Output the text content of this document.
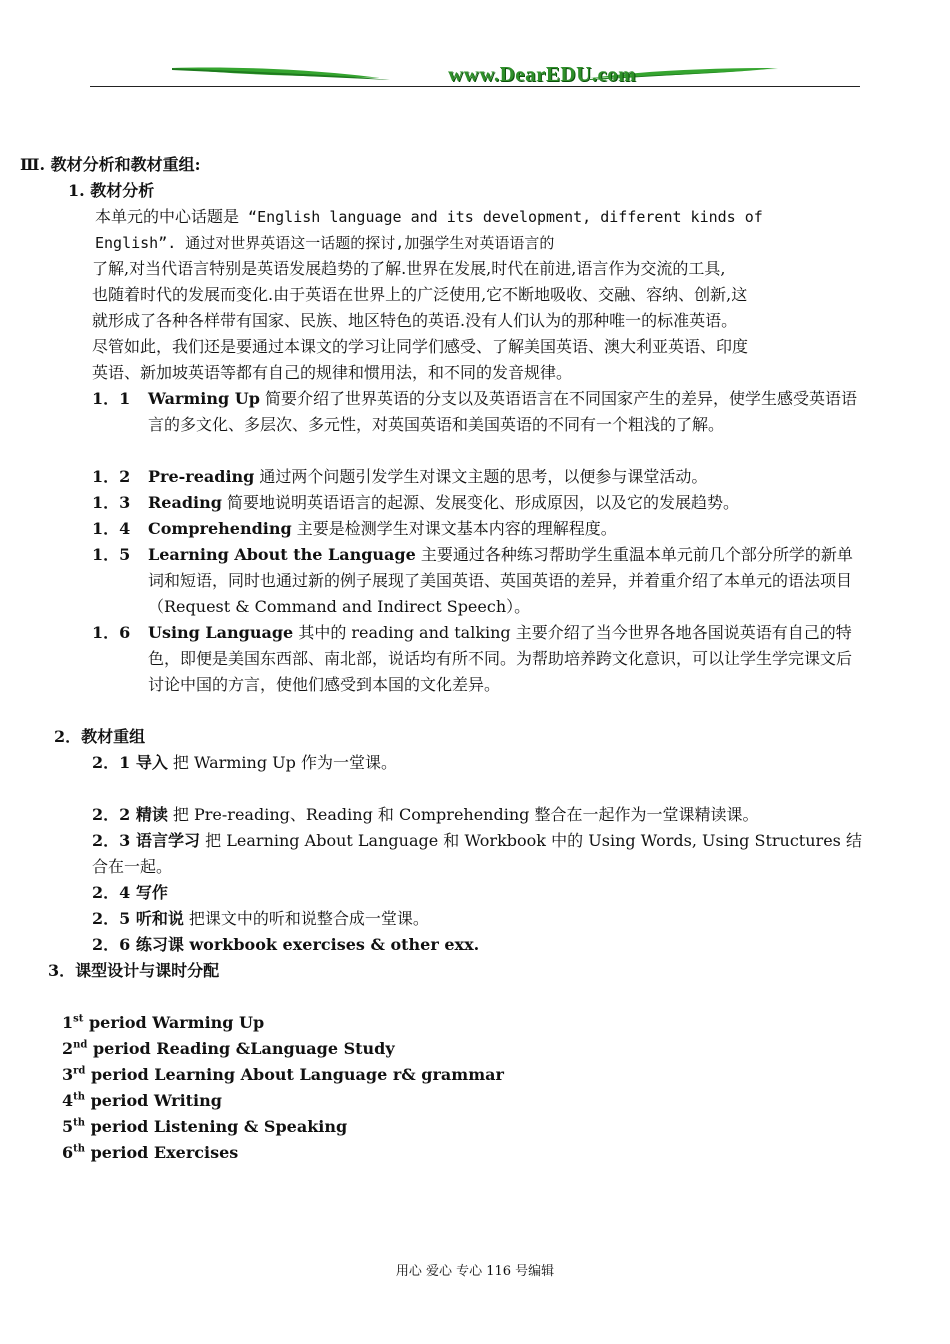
www.DearEDU.com
Ⅲ. 教材分析和教材重组:
1. 教材分析
本单元的中心话题是 “English language and its development, different kinds of
English”. 通过对世界英语这一话题的探讨,加强学生对英语语言的
了解,对当代语言特别是英语发展趋势的了解.世界在发展,时代在前进,语言作为交流的工具,
也随着时代的发展而变化.由于英语在世界上的广泛使用,它不断地吸收、交融、容纳、创新,这
就形成了各种各样带有国家、民族、地区特色的英语.没有人们认为的那种唯一的标准英语。
尽管如此，我们还是要通过本课文的学习让同学们感受、了解美国英语、澳大利亚英语、印度
英语、新加坡英语等都有自己的规律和惯用法，和不同的发音规律。
1．1 Warming Up 简要介绍了世界英语的分支以及英语语言在不同国家产生的差异，使学生感受英语语言的多文化、多层次、多元性，对英国英语和美国英语的不同有一个粗浅的了解。
1．2 Pre-reading 通过两个问题引发学生对课文主题的思考，以便参与课堂活动。
1．3 Reading 简要地说明英语语言的起源、发展变化、形成原因，以及它的发展趋势。
1．4 Comprehending 主要是检测学生对课文基本内容的理解程度。
1．5 Learning About the Language 主要通过各种练习帮助学生重温本单元前几个部分所学的新单词和短语，同时也通过新的例子展现了美国英语、英国英语的差异，并着重介绍了本单元的语法项目（Request & Command and Indirect Speech）。
1．6 Using Language 其中的 reading and talking 主要介绍了当今世界各地各国说英语有自己的特色，即便是美国东西部、南北部，说话均有所不同。为帮助培养跨文化意识，可以让学生学完课文后讨论中国的方言，使他们感受到本国的文化差异。
2．教材重组
2．1 导入 把 Warming Up 作为一堂课。
2．2 精读 把 Pre-reading、Reading 和 Comprehending 整合在一起作为一堂课精读课。
2．3 语言学习 把 Learning About Language 和 Workbook 中的 Using Words, Using Structures 结合在一起。
2．4 写作
2．5 听和说 把课文中的听和说整合成一堂课。
2．6 练习课 workbook exercises & other exx.
3．课型设计与课时分配
1st period Warming Up
2nd period Reading &Language Study
3rd period Learning About Language r& grammar
4th period Writing
5th period Listening & Speaking
6th period Exercises
用心 爱心 专心 116 号编辑
